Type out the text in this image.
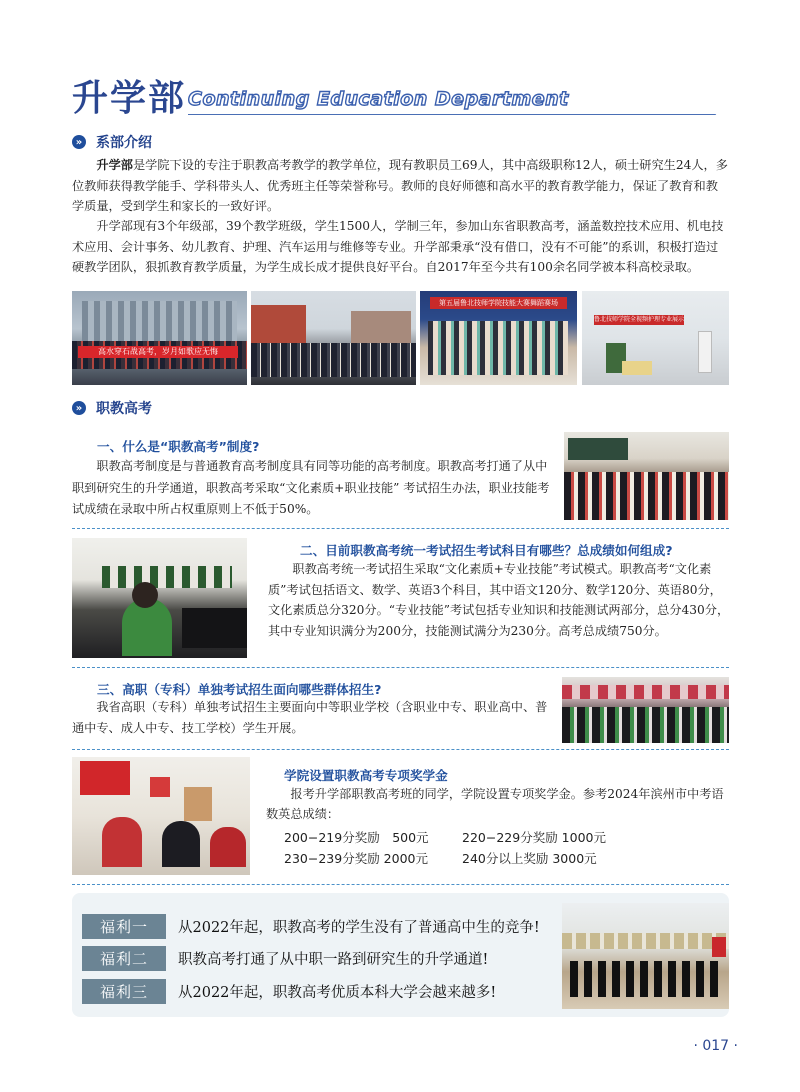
升学部 Continuing Education Department
» 系部介绍
升学部是学院下设的专注于职教高考教学的教学单位，现有教职员工69人，其中高级职称12人，硕士研究生24人，多位教师获得教学能手、学科带头人、优秀班主任等荣誉称号。教师的良好师德和高水平的教育教学能力，保证了教育和教学质量，受到学生和家长的一致好评。
升学部现有3个年级部，39个教学班级，学生1500人，学制三年，参加山东省职教高考，涵盖数控技术应用、机电技术应用、会计事务、幼儿教育、护理、汽车运用与维修等专业。升学部秉承“没有借口，没有不可能”的系训，积极打造过硬教学团队，狠抓教育教学质量，为学生成长成才提供良好平台。自2017年至今共有100余名同学被本科高校录取。
高水穿石战高考，岁月如歌应无悔
第五届鲁北技师学院技能大赛舞蹈赛场
鲁北技师学院全视频护理专业展示
» 职教高考
一、什么是“职教高考”制度?
职教高考制度是与普通教育高考制度具有同等功能的高考制度。职教高考打通了从中职到研究生的升学通道，职教高考采取“文化素质+职业技能” 考试招生办法，职业技能考试成绩在录取中所占权重原则上不低于50%。
二、目前职教高考统一考试招生考试科目有哪些？总成绩如何组成?
职教高考统一考试招生采取“文化素质+专业技能”考试模式。职教高考“文化素质”考试包括语文、数学、英语3个科目，其中语文120分、数学120分、英语80分，文化素质总分320分。“专业技能”考试包括专业知识和技能测试两部分，总分430分，其中专业知识满分为200分，技能测试满分为230分。高考总成绩750分。
三、高职（专科）单独考试招生面向哪些群体招生?
我省高职（专科）单独考试招生主要面向中等职业学校（含职业中专、职业高中、普通中专、成人中专、技工学校）学生开展。
学院设置职教高考专项奖学金
报考升学部职教高考班的同学，学院设置专项奖学金。参考2024年滨州市中考语数英总成绩：
200−219分奖励　500元	220−229分奖励 1000元
230−239分奖励 2000元	240分以上奖励 3000元
福利一	从2022年起，职教高考的学生没有了普通高中生的竞争!
福利二	职教高考打通了从中职一路到研究生的升学通道!
福利三	从2022年起，职教高考优质本科大学会越来越多!
· 017 ·
